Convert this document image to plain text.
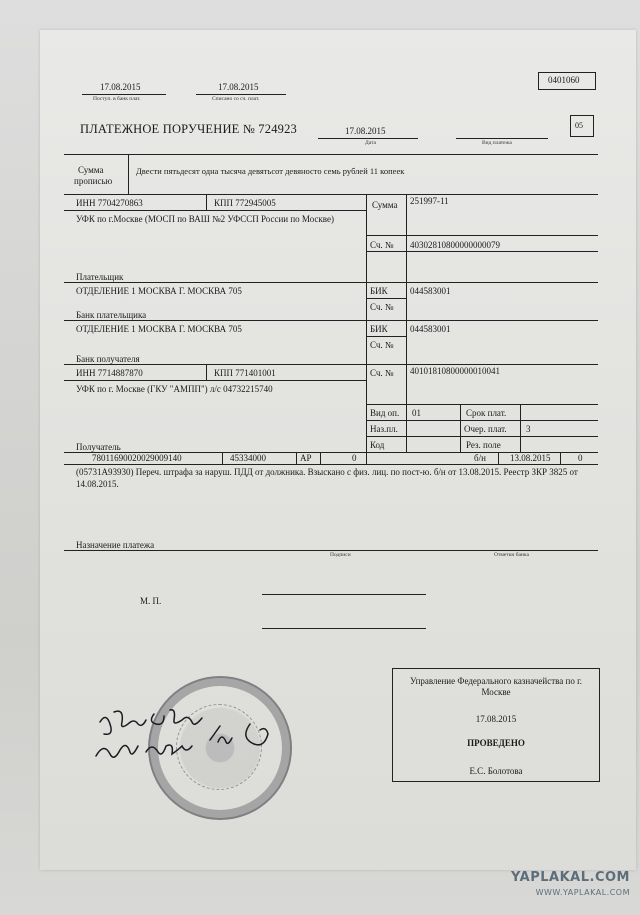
17.08.2015
Поступ. в банк плат.
17.08.2015
Списано со сч. плат.
0401060
ПЛАТЕЖНОЕ ПОРУЧЕНИЕ № 724923	17.08.2015
Дата	Вид платежа
05
Сумма
прописью
Двести пятьдесят одна тысяча девятьсот девяносто семь рублей 11 копеек
ИНН 7704270863	КПП 772945005	Сумма 251997-11
УФК по г.Москве (МОСП по ВАШ №2 УФССП России по Москве)
Сч. № 40302810800000000079
Плательщик
ОТДЕЛЕНИЕ 1 МОСКВА Г. МОСКВА 705	БИК 044583001
Сч. №
Банк плательщика
ОТДЕЛЕНИЕ 1 МОСКВА Г. МОСКВА 705	БИК 044583001
Сч. №
Банк получателя
ИНН 7714887870	КПП 771401001	Сч. № 40101810800000010041
УФК по г. Москве (ГКУ "АМПП") л/с 04732215740
Вид оп. 01	Срок плат.
Наз.пл.	Очер. плат. 3
Код	Рез. поле
Получатель
78011690020029009140	45334000	АР	0	б/н	13.08.2015	0
(05731А93930) Переч. штрафа за наруш. ПДД от должника. Взыскано с физ. лиц. по пост-ю. б/н от 13.08.2015. Реестр ЗКР 3825 от 14.08.2015.
Назначение платежа
Подписи	Отметки банка
М. П.
Управление Федерального казначейства по г. Москве
17.08.2015
ПРОВЕДЕНО
Е.С. Болотова
YAPLAKAL.COM
WWW.YAPLAKAL.COM
